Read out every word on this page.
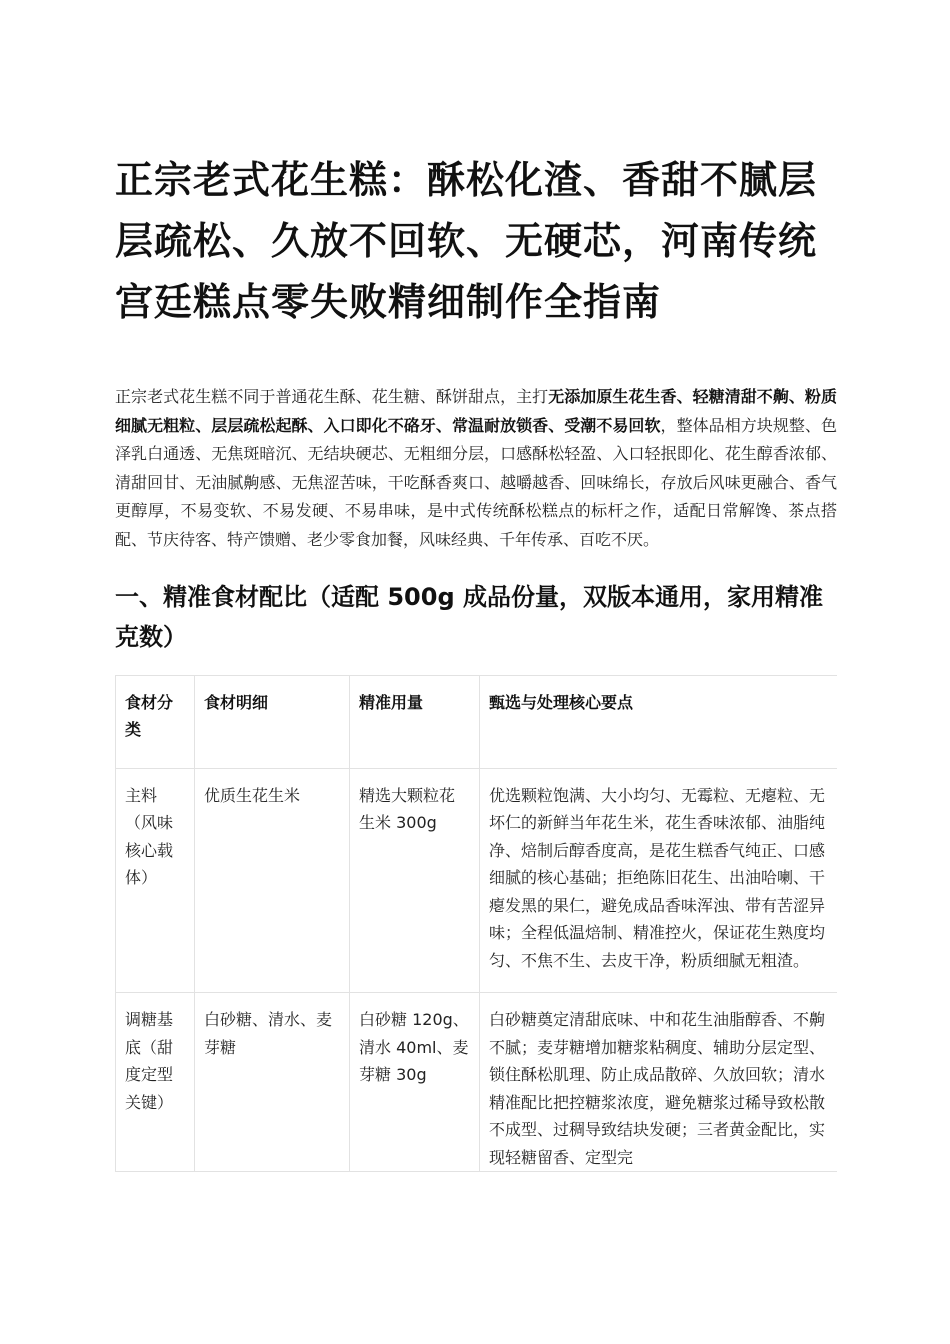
正宗老式花生糕：酥松化渣、香甜不腻层层疏松、久放不回软、无硬芯，河南传统宫廷糕点零失败精细制作全指南

正宗老式花生糕不同于普通花生酥、花生糖、酥饼甜点，主打无添加原生花生香、轻糖清甜不齁、粉质细腻无粗粒、层层疏松起酥、入口即化不硌牙、常温耐放锁香、受潮不易回软，整体品相方块规整、色泽乳白通透、无焦斑暗沉、无结块硬芯、无粗细分层，口感酥松轻盈、入口轻抿即化、花生醇香浓郁、清甜回甘、无油腻齁感、无焦涩苦味，干吃酥香爽口、越嚼越香、回味绵长，存放后风味更融合、香气更醇厚，不易变软、不易发硬、不易串味，是中式传统酥松糕点的标杆之作，适配日常解馋、茶点搭配、节庆待客、特产馈赠、老少零食加餐，风味经典、千年传承、百吃不厌。

一、精准食材配比（适配 500g 成品份量，双版本通用，家用精准克数）
食材分类	食材明细	精准用量	甄选与处理核心要点
主料（风味核心载体）	优质生花生米	精选大颗粒花生米 300g	优选颗粒饱满、大小均匀、无霉粒、无瘪粒、无坏仁的新鲜当年花生米，花生香味浓郁、油脂纯净、焙制后醇香度高，是花生糕香气纯正、口感细腻的核心基础；拒绝陈旧花生、出油哈喇、干瘪发黑的果仁，避免成品香味浑浊、带有苦涩异味；全程低温焙制、精准控火，保证花生熟度均匀、不焦不生、去皮干净，粉质细腻无粗渣。
调糖基底（甜度定型关键）	白砂糖、清水、麦芽糖	白砂糖 120g、清水 40ml、麦芽糖 30g	白砂糖奠定清甜底味、中和花生油脂醇香、不齁不腻；麦芽糖增加糖浆粘稠度、辅助分层定型、锁住酥松肌理、防止成品散碎、久放回软；清水精准配比把控糖浆浓度，避免糖浆过稀导致松散不成型、过稠导致结块发硬；三者黄金配比，实现轻糖留香、定型完
